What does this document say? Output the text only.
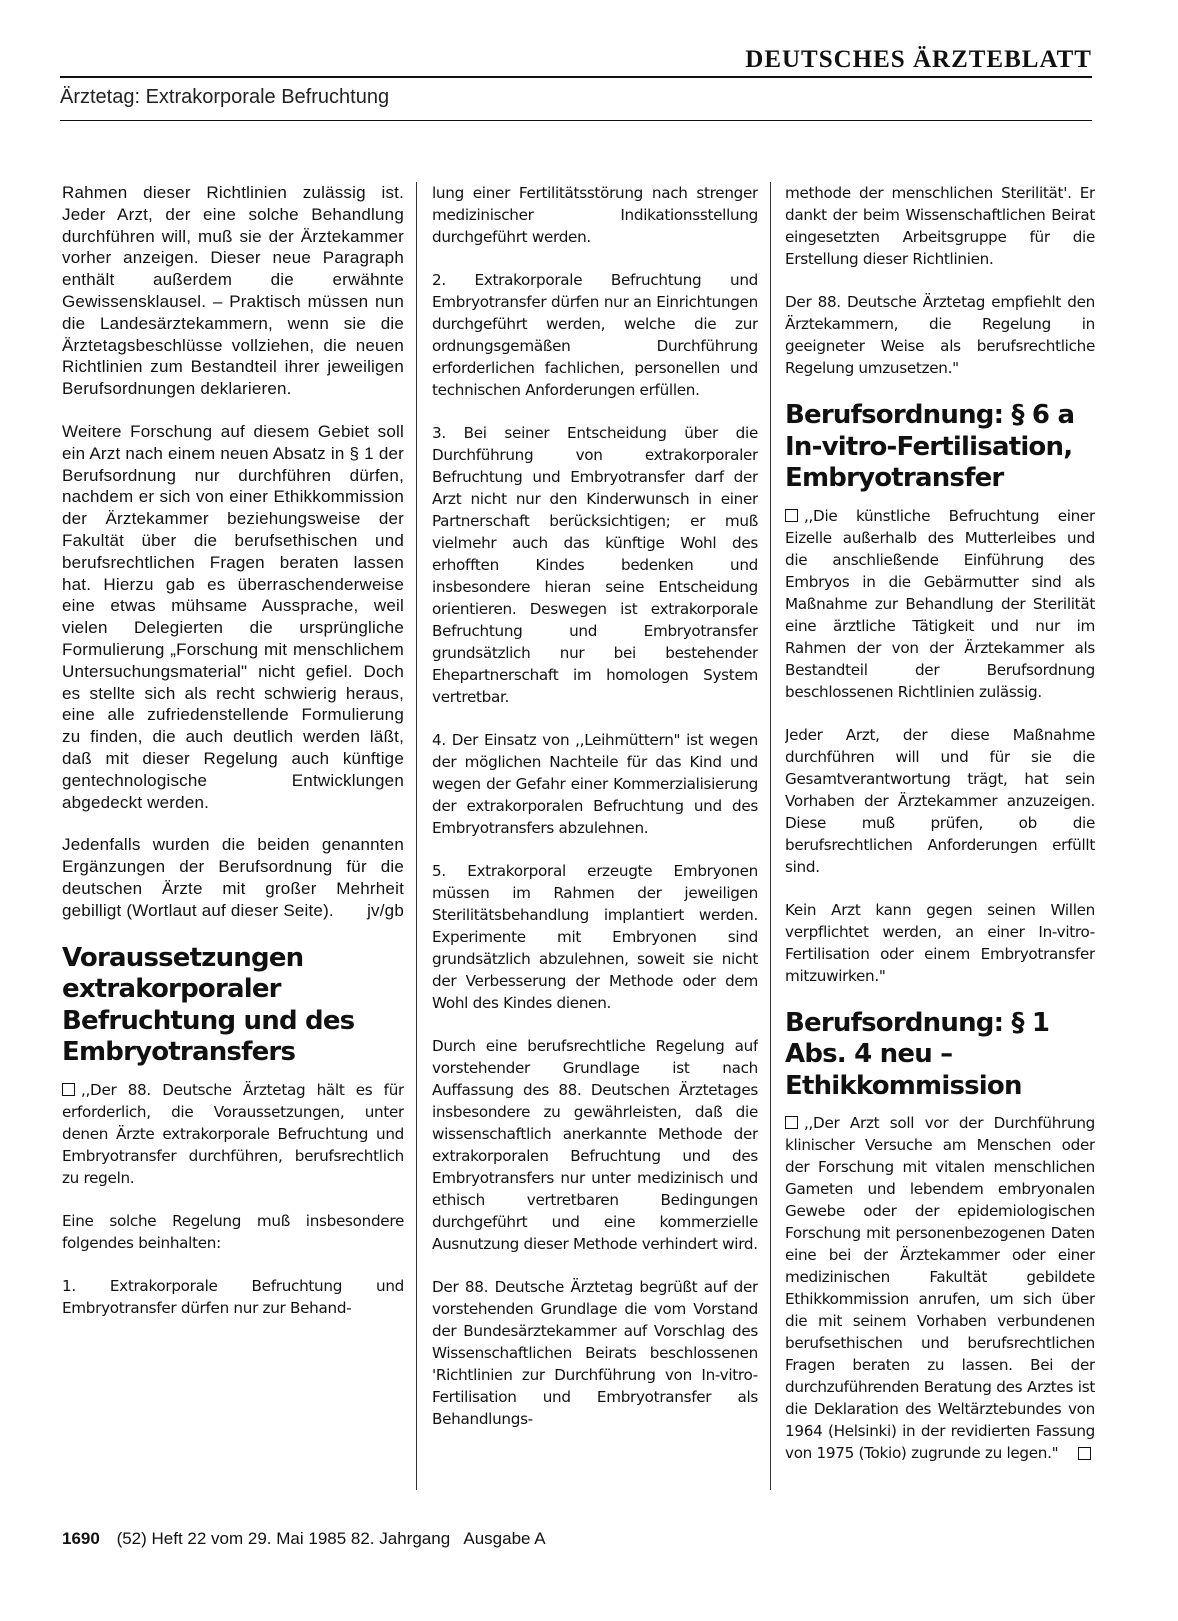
DEUTSCHES ÄRZTEBLATT
Ärztetag: Extrakorporale Befruchtung

Rahmen dieser Richtlinien zulässig ist. Jeder Arzt, der eine solche Behandlung durchführen will, muß sie der Ärztekammer vorher anzeigen. Dieser neue Paragraph enthält außerdem die erwähnte Gewissensklausel. – Praktisch müssen nun die Landesärztekammern, wenn sie die Ärztetagsbeschlüsse vollziehen, die neuen Richtlinien zum Bestandteil ihrer jeweiligen Berufsordnungen deklarieren.

Weitere Forschung auf diesem Gebiet soll ein Arzt nach einem neuen Absatz in § 1 der Berufsordnung nur durchführen dürfen, nachdem er sich von einer Ethikkommission der Ärztekammer beziehungsweise der Fakultät über die berufsethischen und berufsrechtlichen Fragen beraten lassen hat. Hierzu gab es überraschenderweise eine etwas mühsame Aussprache, weil vielen Delegierten die ursprüngliche Formulierung „Forschung mit menschlichem Untersuchungsmaterial" nicht gefiel. Doch es stellte sich als recht schwierig heraus, eine alle zufriedenstellende Formulierung zu finden, die auch deutlich werden läßt, daß mit dieser Regelung auch künftige gentechnologische Entwicklungen abgedeckt werden.

Jedenfalls wurden die beiden genannten Ergänzungen der Berufsordnung für die deutschen Ärzte mit großer Mehrheit gebilligt (Wortlaut auf dieser Seite). jv/gb

Voraussetzungen extrakorporaler Befruchtung und des Embryotransfers

,,Der 88. Deutsche Ärztetag hält es für erforderlich, die Voraussetzungen, unter denen Ärzte extrakorporale Befruchtung und Embryotransfer durchführen, berufsrechtlich zu regeln.

Eine solche Regelung muß insbesondere folgendes beinhalten:

1. Extrakorporale Befruchtung und Embryotransfer dürfen nur zur Behand-

lung einer Fertilitätsstörung nach strenger medizinischer Indikationsstellung durchgeführt werden.

2. Extrakorporale Befruchtung und Embryotransfer dürfen nur an Einrichtungen durchgeführt werden, welche die zur ordnungsgemäßen Durchführung erforderlichen fachlichen, personellen und technischen Anforderungen erfüllen.

3. Bei seiner Entscheidung über die Durchführung von extrakorporaler Befruchtung und Embryotransfer darf der Arzt nicht nur den Kinderwunsch in einer Partnerschaft berücksichtigen; er muß vielmehr auch das künftige Wohl des erhofften Kindes bedenken und insbesondere hieran seine Entscheidung orientieren. Deswegen ist extrakorporale Befruchtung und Embryotransfer grundsätzlich nur bei bestehender Ehepartnerschaft im homologen System vertretbar.

4. Der Einsatz von ,,Leihmüttern" ist wegen der möglichen Nachteile für das Kind und wegen der Gefahr einer Kommerzialisierung der extrakorporalen Befruchtung und des Embryotransfers abzulehnen.

5. Extrakorporal erzeugte Embryonen müssen im Rahmen der jeweiligen Sterilitätsbehandlung implantiert werden. Experimente mit Embryonen sind grundsätzlich abzulehnen, soweit sie nicht der Verbesserung der Methode oder dem Wohl des Kindes dienen.

Durch eine berufsrechtliche Regelung auf vorstehender Grundlage ist nach Auffassung des 88. Deutschen Ärztetages insbesondere zu gewährleisten, daß die wissenschaftlich anerkannte Methode der extrakorporalen Befruchtung und des Embryotransfers nur unter medizinisch und ethisch vertretbaren Bedingungen durchgeführt und eine kommerzielle Ausnutzung dieser Methode verhindert wird.

Der 88. Deutsche Ärztetag begrüßt auf der vorstehenden Grundlage die vom Vorstand der Bundesärztekammer auf Vorschlag des Wissenschaftlichen Beirats beschlossenen 'Richtlinien zur Durchführung von In-vitro-Fertilisation und Embryotransfer als Behandlungs-

methode der menschlichen Sterilität'. Er dankt der beim Wissenschaftlichen Beirat eingesetzten Arbeitsgruppe für die Erstellung dieser Richtlinien.

Der 88. Deutsche Ärztetag empfiehlt den Ärztekammern, die Regelung in geeigneter Weise als berufsrechtliche Regelung umzusetzen."

Berufsordnung: § 6 a In-vitro-Fertilisation, Embryotransfer

,,Die künstliche Befruchtung einer Eizelle außerhalb des Mutterleibes und die anschließende Einführung des Embryos in die Gebärmutter sind als Maßnahme zur Behandlung der Sterilität eine ärztliche Tätigkeit und nur im Rahmen der von der Ärztekammer als Bestandteil der Berufsordnung beschlossenen Richtlinien zulässig.

Jeder Arzt, der diese Maßnahme durchführen will und für sie die Gesamtverantwortung trägt, hat sein Vorhaben der Ärztekammer anzuzeigen. Diese muß prüfen, ob die berufsrechtlichen Anforderungen erfüllt sind.

Kein Arzt kann gegen seinen Willen verpflichtet werden, an einer In-vitro-Fertilisation oder einem Embryotransfer mitzuwirken."

Berufsordnung: § 1 Abs. 4 neu – Ethikkommission

,,Der Arzt soll vor der Durchführung klinischer Versuche am Menschen oder der Forschung mit vitalen menschlichen Gameten und lebendem embryonalen Gewebe oder der epidemiologischen Forschung mit personenbezogenen Daten eine bei der Ärztekammer oder einer medizinischen Fakultät gebildete Ethikkommission anrufen, um sich über die mit seinem Vorhaben verbundenen berufsethischen und berufsrechtlichen Fragen beraten zu lassen. Bei der durchzuführenden Beratung des Arztes ist die Deklaration des Weltärztebundes von 1964 (Helsinki) in der revidierten Fassung von 1975 (Tokio) zugrunde zu legen."

1690 (52) Heft 22 vom 29. Mai 1985 82. Jahrgang Ausgabe A
